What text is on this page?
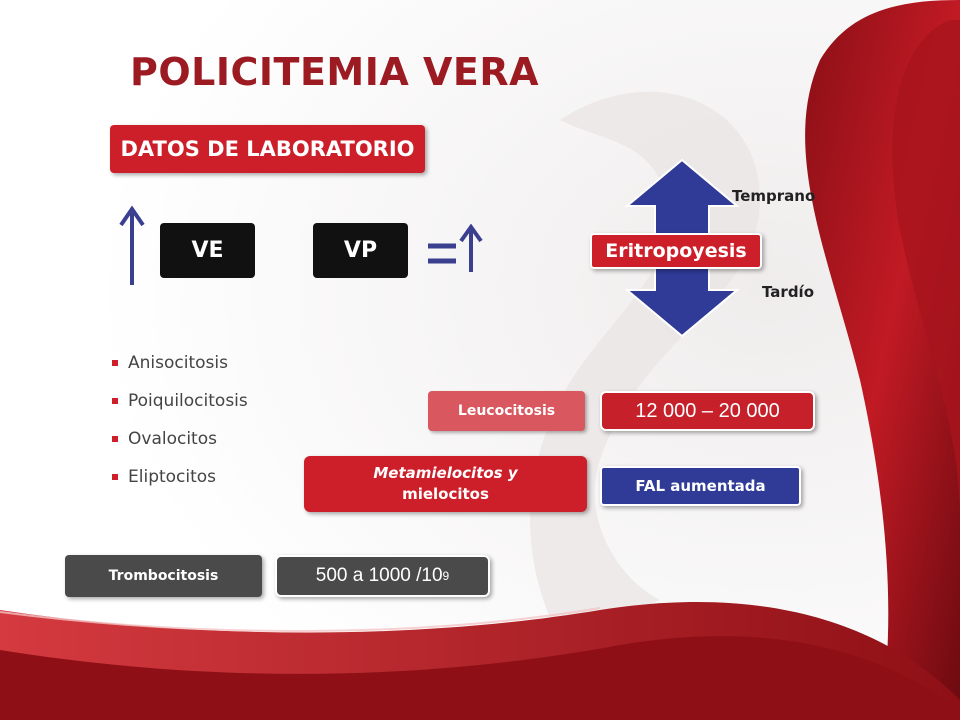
POLICITEMIA VERA
DATOS DE LABORATORIO
VE	VP
Temprano
Eritropoyesis
Tardío
Anisocitosis
Poiquilocitosis
Ovalocitos
Eliptocitos
Leucocitosis	12 000 – 20 000
Metamielocitos y
mielocitos	FAL aumentada
Trombocitosis	500 a 1000 /10 9
